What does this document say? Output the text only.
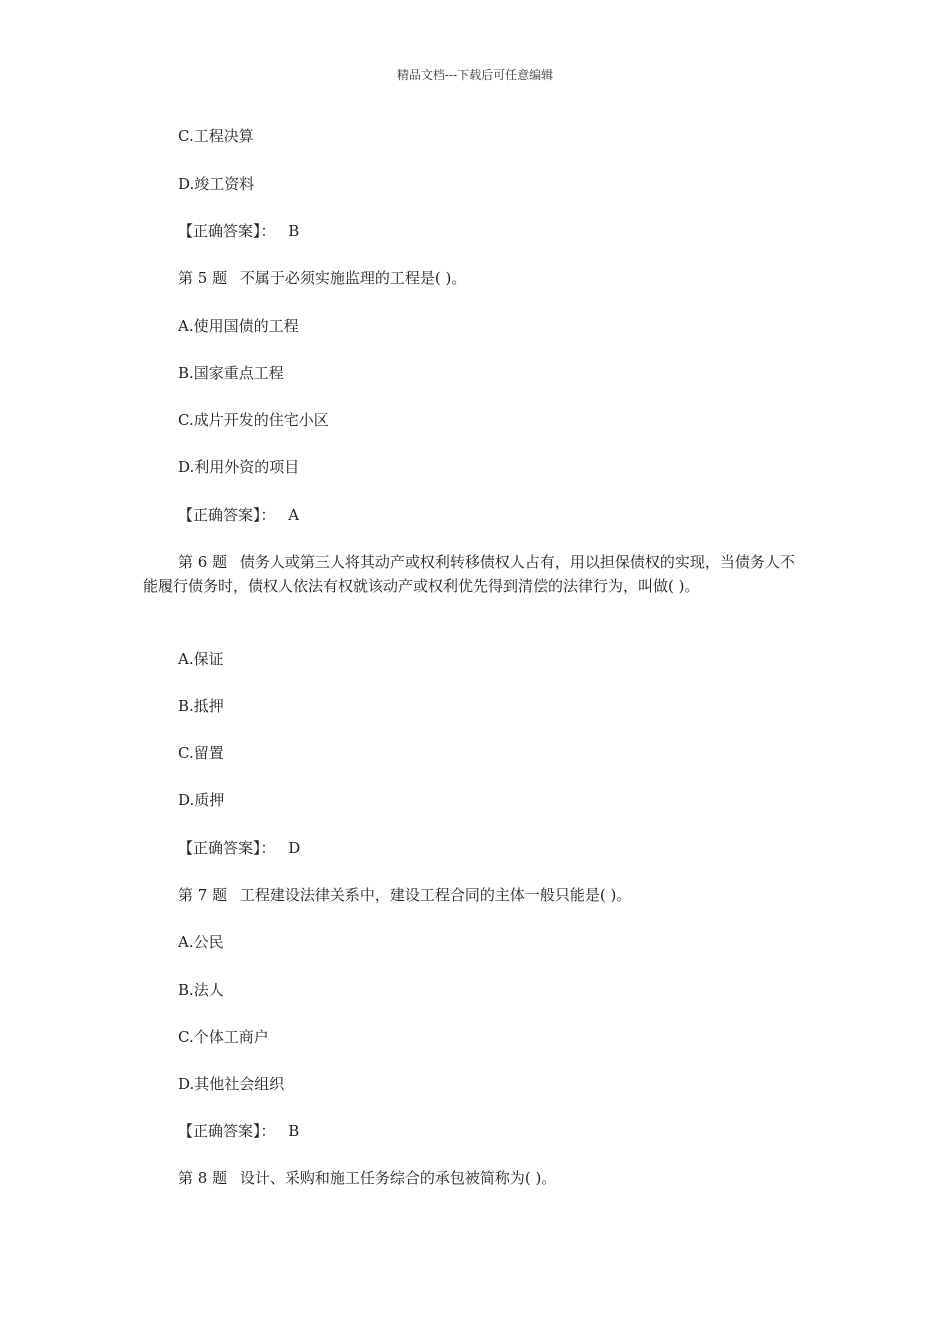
精品文档---下载后可任意编辑
C.工程决算
D.竣工资料
【正确答案】： B
第 5 题 不属于必须实施监理的工程是( )。
A.使用国债的工程
B.国家重点工程
C.成片开发的住宅小区
D.利用外资的项目
【正确答案】： A
第 6 题 债务人或第三人将其动产或权利转移债权人占有，用以担保债权的实现，当债务人不能履行债务时，债权人依法有权就该动产或权利优先得到清偿的法律行为，叫做( )。
A.保证
B.抵押
C.留置
D.质押
【正确答案】： D
第 7 题 工程建设法律关系中，建设工程合同的主体一般只能是( )。
A.公民
B.法人
C.个体工商户
D.其他社会组织
【正确答案】： B
第 8 题 设计、采购和施工任务综合的承包被简称为( )。
